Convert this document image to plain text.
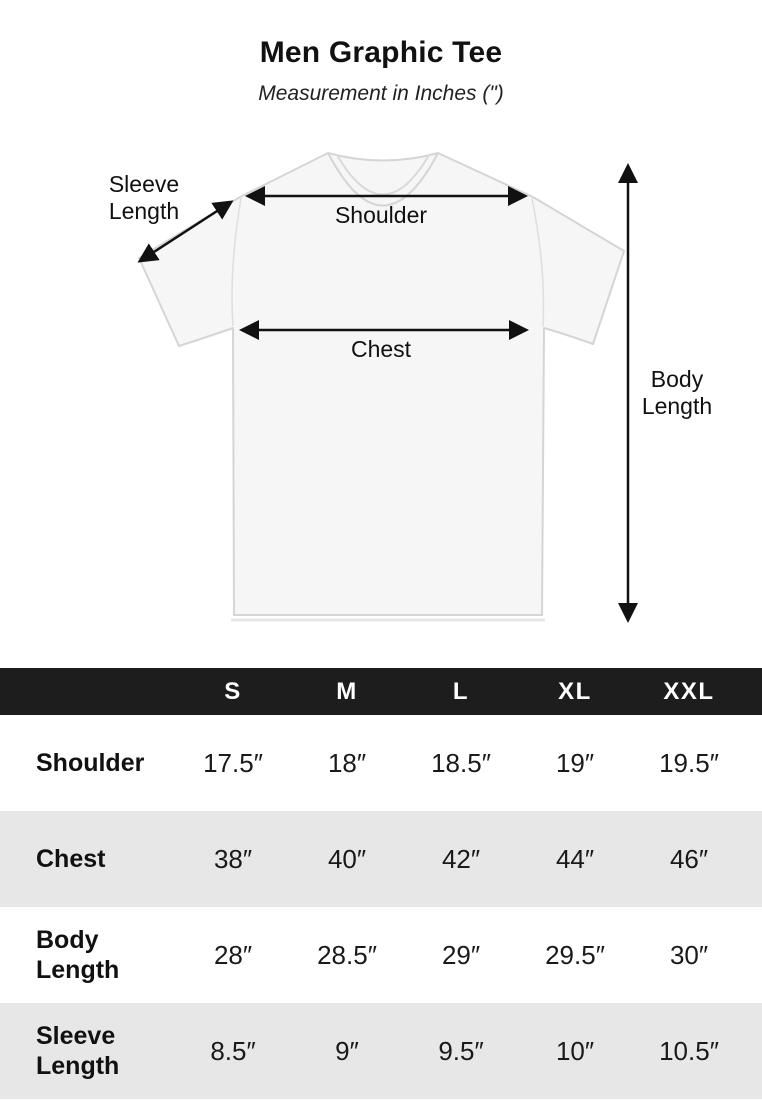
Men Graphic Tee
Measurement in Inches (")
Shoulder
Chest
Sleeve Length
Body Length
	S	M	L	XL	XXL	
Shoulder	17.5″	18″	18.5″	19″	19.5″	
Chest	38″	40″	42″	44″	46″	
Body Length	28″	28.5″	29″	29.5″	30″	
Sleeve Length	8.5″	9″	9.5″	10″	10.5″	
